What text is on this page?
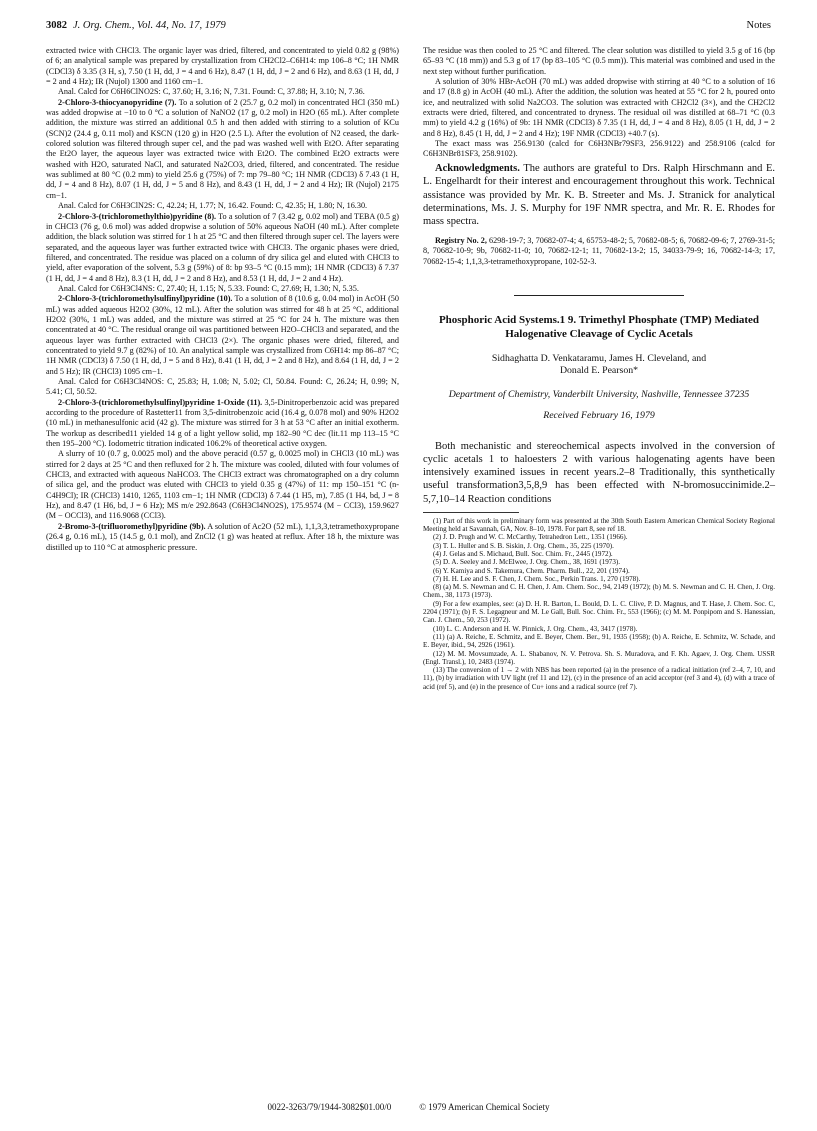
3082 J. Org. Chem., Vol. 44, No. 17, 1979	Notes

extracted twice with CHCl3. The organic layer was dried, filtered, and concentrated to yield 0.82 g (98%) of 6; an analytical sample was prepared by crystallization from CH2Cl2–C6H14: mp 106–8 °C; 1H NMR (CDCl3) δ 3.35 (3 H, s), 7.50 (1 H, dd, J = 4 and 6 Hz), 8.47 (1 H, dd, J = 2 and 6 Hz), and 8.63 (1 H, dd, J = 2 and 4 Hz); IR (Nujol) 1300 and 1160 cm−1.

Anal. Calcd for C6H6ClNO2S: C, 37.60; H, 3.16; N, 7.31. Found: C, 37.88; H, 3.10; N, 7.36.

2-Chloro-3-thiocyanopyridine (7). To a solution of 2 (25.7 g, 0.2 mol) in concentrated HCl (350 mL) was added dropwise at −10 to 0 °C a solution of NaNO2 (17 g, 0.2 mol) in H2O (65 mL). After complete addition, the mixture was stirred an additional 0.5 h and then added with stirring to a solution of KCu (SCN)2 (24.4 g, 0.11 mol) and KSCN (120 g) in H2O (2.5 L). After the evolution of N2 ceased, the dark-colored solution was filtered through super cel, and the pad was washed well with Et2O. After separating the Et2O layer, the aqueous layer was extracted twice with Et2O. The combined Et2O extracts were washed with H2O, saturated NaCl, and saturated Na2CO3, dried, filtered, and concentrated. The residue was sublimed at 80 °C (0.2 mm) to yield 25.6 g (75%) of 7: mp 79–80 °C; 1H NMR (CDCl3) δ 7.43 (1 H, dd, J = 4 and 8 Hz), 8.07 (1 H, dd, J = 5 and 8 Hz), and 8.43 (1 H, dd, J = 2 and 4 Hz); IR (Nujol) 2175 cm−1.

Anal. Calcd for C6H3ClN2S: C, 42.24; H, 1.77; N, 16.42. Found: C, 42.35; H, 1.80; N, 16.30.

2-Chloro-3-(trichloromethylthio)pyridine (8). To a solution of 7 (3.42 g, 0.02 mol) and TEBA (0.5 g) in CHCl3 (76 g, 0.6 mol) was added dropwise a solution of 50% aqueous NaOH (40 mL). After complete addition, the black solution was stirred for 1 h at 25 °C and then filtered through super cel. The layers were separated, and the aqueous layer was further extracted twice with CHCl3. The organic phases were dried, filtered, and concentrated. The residue was placed on a column of dry silica gel and eluted with CHCl3 to yield, after evaporation of the solvent, 5.3 g (59%) of 8: bp 93–5 °C (0.15 mm); 1H NMR (CDCl3) δ 7.37 (1 H, dd, J = 4 and 8 Hz), 8.3 (1 H, dd, J = 2 and 8 Hz), and 8.53 (1 H, dd, J = 2 and 4 Hz).

Anal. Calcd for C6H3Cl4NS: C, 27.40; H, 1.15; N, 5.33. Found: C, 27.69; H, 1.30; N, 5.35.

2-Chloro-3-(trichloromethylsulfinyl)pyridine (10). To a solution of 8 (10.6 g, 0.04 mol) in AcOH (50 mL) was added aqueous H2O2 (30%, 12 mL). After the solution was stirred for 48 h at 25 °C, additional H2O2 (30%, 1 mL) was added, and the mixture was stirred at 25 °C for 24 h. The mixture was then concentrated at 40 °C. The residual orange oil was partitioned between H2O–CHCl3 and separated, and the aqueous layer was further extracted with CHCl3 (2×). The organic phases were dried, filtered, and concentrated to yield 9.7 g (82%) of 10. An analytical sample was crystallized from C6H14: mp 86–87 °C; 1H NMR (CDCl3) δ 7.50 (1 H, dd, J = 5 and 8 Hz), 8.41 (1 H, dd, J = 2 and 8 Hz), and 8.64 (1 H, dd, J = 2 and 5 Hz); IR (CHCl3) 1095 cm−1.

Anal. Calcd for C6H3Cl4NOS: C, 25.83; H, 1.08; N, 5.02; Cl, 50.84. Found: C, 26.24; H, 0.99; N, 5.41; Cl, 50.52.

2-Chloro-3-(trichloromethylsulfinyl)pyridine 1-Oxide (11). 3,5-Dinitroperbenzoic acid was prepared according to the procedure of Rastetter11 from 3,5-dinitrobenzoic acid (16.4 g, 0.078 mol) and 90% H2O2 (10 mL) in methanesulfonic acid (42 g). The mixture was stirred for 3 h at 53 °C after an initial exotherm. The workup as described11 yielded 14 g of a light yellow solid, mp 182–90 °C dec (lit.11 mp 113–15 °C then 195–200 °C). Iodometric titration indicated 106.2% of theoretical active oxygen.

A slurry of 10 (0.7 g, 0.0025 mol) and the above peracid (0.57 g, 0.0025 mol) in CHCl3 (10 mL) was stirred for 2 days at 25 °C and then refluxed for 2 h. The mixture was cooled, diluted with four volumes of CHCl3, and extracted with aqueous NaHCO3. The CHCl3 extract was chromatographed on a dry column of silica gel, and the product was eluted with CHCl3 to yield 0.35 g (47%) of 11: mp 150–151 °C (n-C4H9Cl); IR (CHCl3) 1410, 1265, 1103 cm−1; 1H NMR (CDCl3) δ 7.44 (1 H5, m), 7.85 (1 H4, bd, J = 8 Hz), and 8.47 (1 H6, bd, J = 6 Hz); MS m/e 292.8643 (C6H3Cl4NO2S), 175.9574 (M − CCl3), 159.9627 (M − OCCl3), and 116.9068 (CCl3).

2-Bromo-3-(trifluoromethyl)pyridine (9b). A solution of Ac2O (52 mL), 1,1,3,3,tetramethoxypropane (26.4 g, 0.16 mL), 15 (14.5 g, 0.1 mol), and ZnCl2 (1 g) was heated at reflux. After 18 h, the mixture was distilled up to 110 °C at atmospheric pressure.

The residue was then cooled to 25 °C and filtered. The clear solution was distilled to yield 3.5 g of 16 (bp 65–93 °C (18 mm)) and 5.3 g of 17 (bp 83–105 °C (0.5 mm)). This material was combined and used in the next step without further purification.

A solution of 30% HBr-AcOH (70 mL) was added dropwise with stirring at 40 °C to a solution of 16 and 17 (8.8 g) in AcOH (40 mL). After the addition, the solution was heated at 55 °C for 2 h, poured onto ice, and neutralized with solid Na2CO3. The solution was extracted with CH2Cl2 (3×), and the CH2Cl2 extracts were dried, filtered, and concentrated to dryness. The residual oil was distilled at 68–71 °C (0.3 mm) to yield 4.2 g (16%) of 9b: 1H NMR (CDCl3) δ 7.35 (1 H, dd, J = 4 and 8 Hz), 8.05 (1 H, dd, J = 2 and 8 Hz), 8.45 (1 H, dd, J = 2 and 4 Hz); 19F NMR (CDCl3) +40.7 (s).

The exact mass was 256.9130 (calcd for C6H3NBr79SF3, 256.9122) and 258.9106 (calcd for C6H3NBr81SF3, 258.9102).

Acknowledgments. The authors are grateful to Drs. Ralph Hirschmann and E. L. Engelhardt for their interest and encouragement throughout this work. Technical assistance was provided by Mr. K. B. Streeter and Ms. J. Stranick for analytical determinations, Ms. J. S. Murphy for 19F NMR spectra, and Mr. R. E. Rhodes for mass spectra.

Registry No. 2, 6298-19-7; 3, 70682-07-4; 4, 65753-48-2; 5, 70682-08-5; 6, 70682-09-6; 7, 2769-31-5; 8, 70682-10-9; 9b, 70682-11-0; 10, 70682-12-1; 11, 70682-13-2; 15, 34033-79-9; 16, 70682-14-3; 17, 70682-15-4; 1,1,3,3-tetramethoxypropane, 102-52-3.

Phosphoric Acid Systems.1 9. Trimethyl Phosphate (TMP) Mediated Halogenative Cleavage of Cyclic Acetals
Sidhaghatta D. Venkataramu, James H. Cleveland, and
Donald E. Pearson*
Department of Chemistry, Vanderbilt University, Nashville, Tennessee 37235
Received February 16, 1979

Both mechanistic and stereochemical aspects involved in the conversion of cyclic acetals 1 to haloesters 2 with various halogenating agents have been intensively examined issues in recent years.2–8 Traditionally, this synthetically useful transformation3,5,8,9 has been effected with N-bromosuccinimide.2–5,7,10–14 Reaction conditions

(1) Part of this work in preliminary form was presented at the 30th South Eastern American Chemical Society Regional Meeting held at Savannah, GA, Nov. 8–10, 1978. For part 8, see ref 18.

(2) J. D. Prugh and W. C. McCarthy, Tetrahedron Lett., 1351 (1966).

(3) T. L. Huller and S. B. Siskin, J. Org. Chem., 35, 225 (1970).

(4) J. Gelas and S. Michaud, Bull. Soc. Chim. Fr., 2445 (1972).

(5) D. A. Seeley and J. McElwee, J. Org. Chem., 38, 1691 (1973).

(6) Y. Kamiya and S. Takemura, Chem. Pharm. Bull., 22, 201 (1974).

(7) H. H. Lee and S. F. Chen, J. Chem. Soc., Perkin Trans. 1, 270 (1978).

(8) (a) M. S. Newman and C. H. Chen, J. Am. Chem. Soc., 94, 2149 (1972); (b) M. S. Newman and C. H. Chen, J. Org. Chem., 38, 1173 (1973).

(9) For a few examples, see: (a) D. H. R. Barton, L. Bould, D. L. C. Clive, P. D. Magnus, and T. Hase, J. Chem. Soc. C, 2204 (1971); (b) F. S. Legagneur and M. Le Gall, Bull. Soc. Chim. Fr., 553 (1966); (c) M. M. Ponpipom and S. Hanessian, Can. J. Chem., 50, 253 (1972).

(10) L. C. Anderson and H. W. Pinnick, J. Org. Chem., 43, 3417 (1978).

(11) (a) A. Reiche, E. Schmitz, and E. Beyer, Chem. Ber., 91, 1935 (1958); (b) A. Reiche, E. Schmitz, W. Schade, and E. Beyer, ibid., 94, 2926 (1961).

(12) M. M. Movsumzade, A. L. Shabanov, N. V. Petrova. Sh. S. Muradova, and F. Kh. Agaev, J. Org. Chem. USSR (Engl. Transl.), 10, 2483 (1974).

(13) The conversion of 1 → 2 with NBS has been reported (a) in the presence of a radical initiation (ref 2–4, 7, 10, and 11), (b) by irradiation with UV light (ref 11 and 12), (c) in the presence of an acid acceptor (ref 3 and 4), (d) with a trace of acid (ref 5), and (e) in the presence of Cu+ ions and a radical source (ref 7).

0022-3263/79/1944-3082$01.00/0	© 1979 American Chemical Society
